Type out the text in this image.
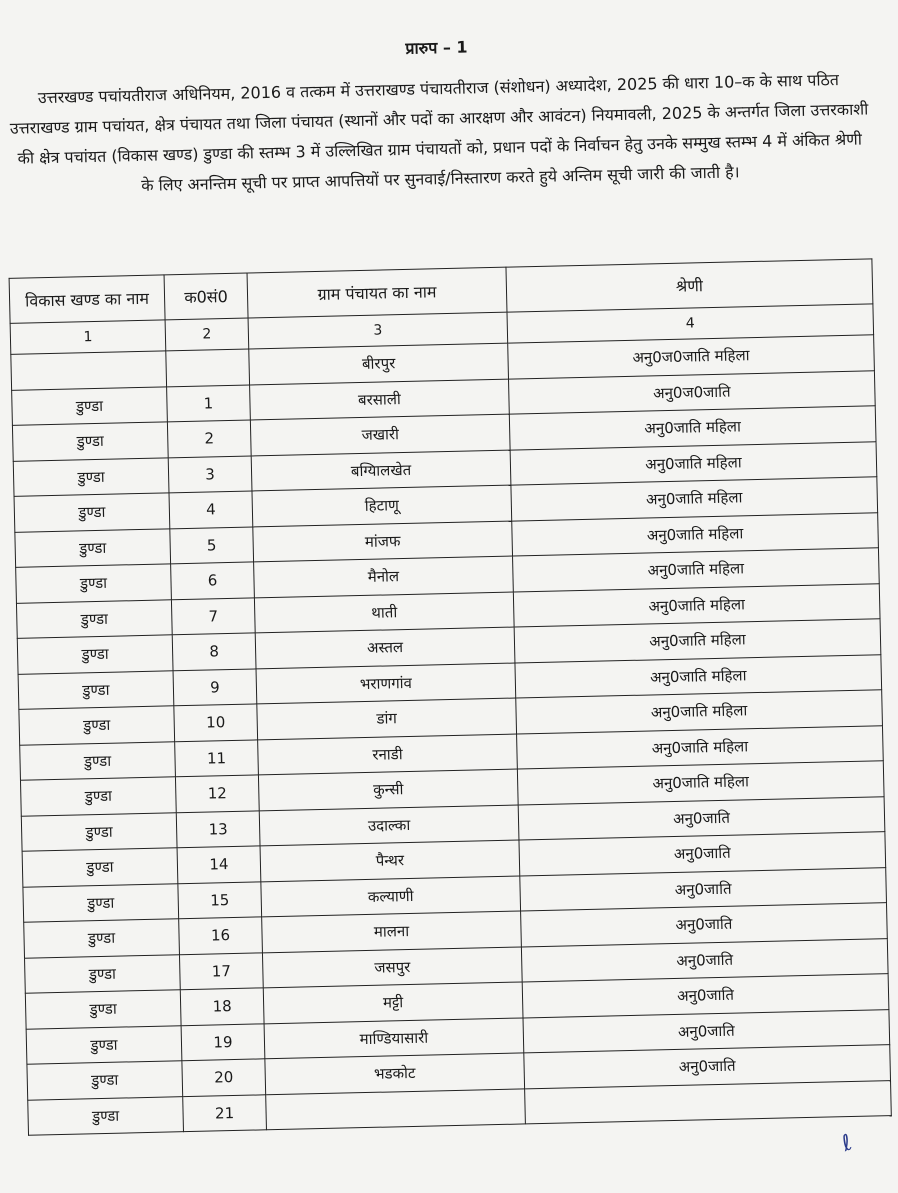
प्रारुप – 1
उत्तरखण्ड पचांयतीराज अधिनियम, 2016 व तत्कम में उत्तराखण्ड पंचायतीराज (संशोधन) अध्यादेश, 2025 की धारा 10–क के साथ पठित उत्तराखण्ड ग्राम पचांयत, क्षेत्र पंचायत तथा जिला पंचायत (स्थानों और पदों का आरक्षण और आवंटन) नियमावली, 2025 के अन्तर्गत जिला उत्तरकाशी की क्षेत्र पचांयत (विकास खण्ड) डुण्डा की स्तम्भ 3 में उल्लिखित ग्राम पंचायतों को, प्रधान पदों के निर्वाचन हेतु उनके सम्मुख स्तम्भ 4 में अंकित श्रेणी के लिए अनन्तिम सूची पर प्राप्त आपत्तियों पर सुनवाई/निस्तारण करते हुये अन्तिम सूची जारी की जाती है।
विकास खण्ड का नाम	क0सं0	ग्राम पंचायत का नाम	श्रेणी
1	2	3	4
		बीरपुर	अनु0ज0जाति महिला
डुण्डा	1	बरसाली	अनु0ज0जाति
डुण्डा	2	जखारी	अनु0जाति महिला
डुण्डा	3	बग्यिालखेत	अनु0जाति महिला
डुण्डा	4	हिटाणू	अनु0जाति महिला
डुण्डा	5	मांजफ	अनु0जाति महिला
डुण्डा	6	मैनोल	अनु0जाति महिला
डुण्डा	7	थाती	अनु0जाति महिला
डुण्डा	8	अस्तल	अनु0जाति महिला
डुण्डा	9	भराणगांव	अनु0जाति महिला
डुण्डा	10	डांग	अनु0जाति महिला
डुण्डा	11	रनाडी	अनु0जाति महिला
डुण्डा	12	कुन्सी	अनु0जाति महिला
डुण्डा	13	उदाल्का	अनु0जाति
डुण्डा	14	पैन्थर	अनु0जाति
डुण्डा	15	कल्याणी	अनु0जाति
डुण्डा	16	मालना	अनु0जाति
डुण्डा	17	जसपुर	अनु0जाति
डुण्डा	18	मट्टी	अनु0जाति
डुण्डा	19	माण्डियासारी	अनु0जाति
डुण्डा	20	भडकोट	अनु0जाति
डुण्डा	21		
ℓ
